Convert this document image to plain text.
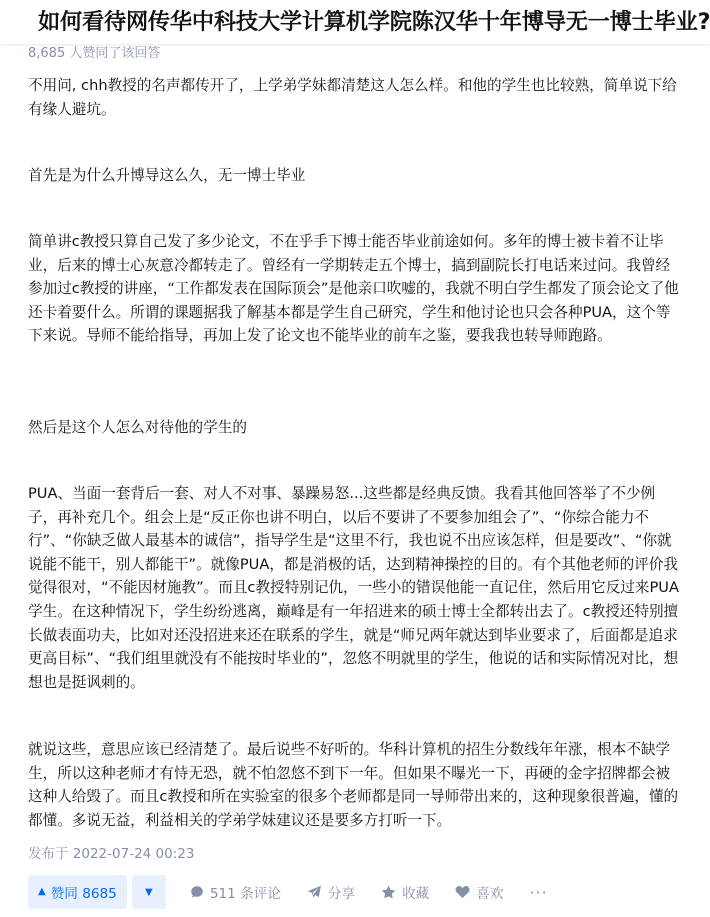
如何看待网传华中科技大学计算机学院陈汉华十年博导无一博士毕业?
8,685 人赞同了该回答

不用问, chh教授的名声都传开了，上学弟学妹都清楚这人怎么样。和他的学生也比较熟，简单说下给有缘人避坑。

首先是为什么升博导这么久，无一博士毕业

简单讲c教授只算自己发了多少论文，不在乎手下博士能否毕业前途如何。多年的博士被卡着不让毕业，后来的博士心灰意冷都转走了。曾经有一学期转走五个博士，搞到副院长打电话来过问。我曾经参加过c教授的讲座，“工作都发表在国际顶会”是他亲口吹嘘的，我就不明白学生都发了顶会论文了他还卡着要什么。所谓的课题据我了解基本都是学生自己研究，学生和他讨论也只会各种PUA，这个等下来说。导师不能给指导，再加上发了论文也不能毕业的前车之鉴，要我我也转导师跑路。

然后是这个人怎么对待他的学生的

PUA、当面一套背后一套、对人不对事、暴躁易怒...这些都是经典反馈。我看其他回答举了不少例子，再补充几个。组会上是“反正你也讲不明白，以后不要讲了不要参加组会了”、“你综合能力不行”、“你缺乏做人最基本的诚信”，指导学生是“这里不行，我也说不出应该怎样，但是要改”、“你就说能不能干，别人都能干”。就像PUA，都是消极的话，达到精神操控的目的。有个其他老师的评价我觉得很对，“不能因材施教”。而且c教授特别记仇，一些小的错误他能一直记住，然后用它反过来PUA学生。在这种情况下，学生纷纷逃离，巅峰是有一年招进来的硕士博士全都转出去了。c教授还特别擅长做表面功夫，比如对还没招进来还在联系的学生，就是“师兄两年就达到毕业要求了，后面都是追求更高目标”、“我们组里就没有不能按时毕业的”，忽悠不明就里的学生，他说的话和实际情况对比，想想也是挺讽刺的。

就说这些，意思应该已经清楚了。最后说些不好听的。华科计算机的招生分数线年年涨，根本不缺学生，所以这种老师才有恃无恐，就不怕忽悠不到下一年。但如果不曝光一下，再硬的金字招牌都会被这种人给毁了。而且c教授和所在实验室的很多个老师都是同一导师带出来的，这种现象很普遍，懂的都懂。多说无益，利益相关的学弟学妹建议还是要多方打听一下。

发布于 2022-07-24 00:23
▲ 赞同 8685	▼	511 条评论	分享	收藏	喜欢 ···
